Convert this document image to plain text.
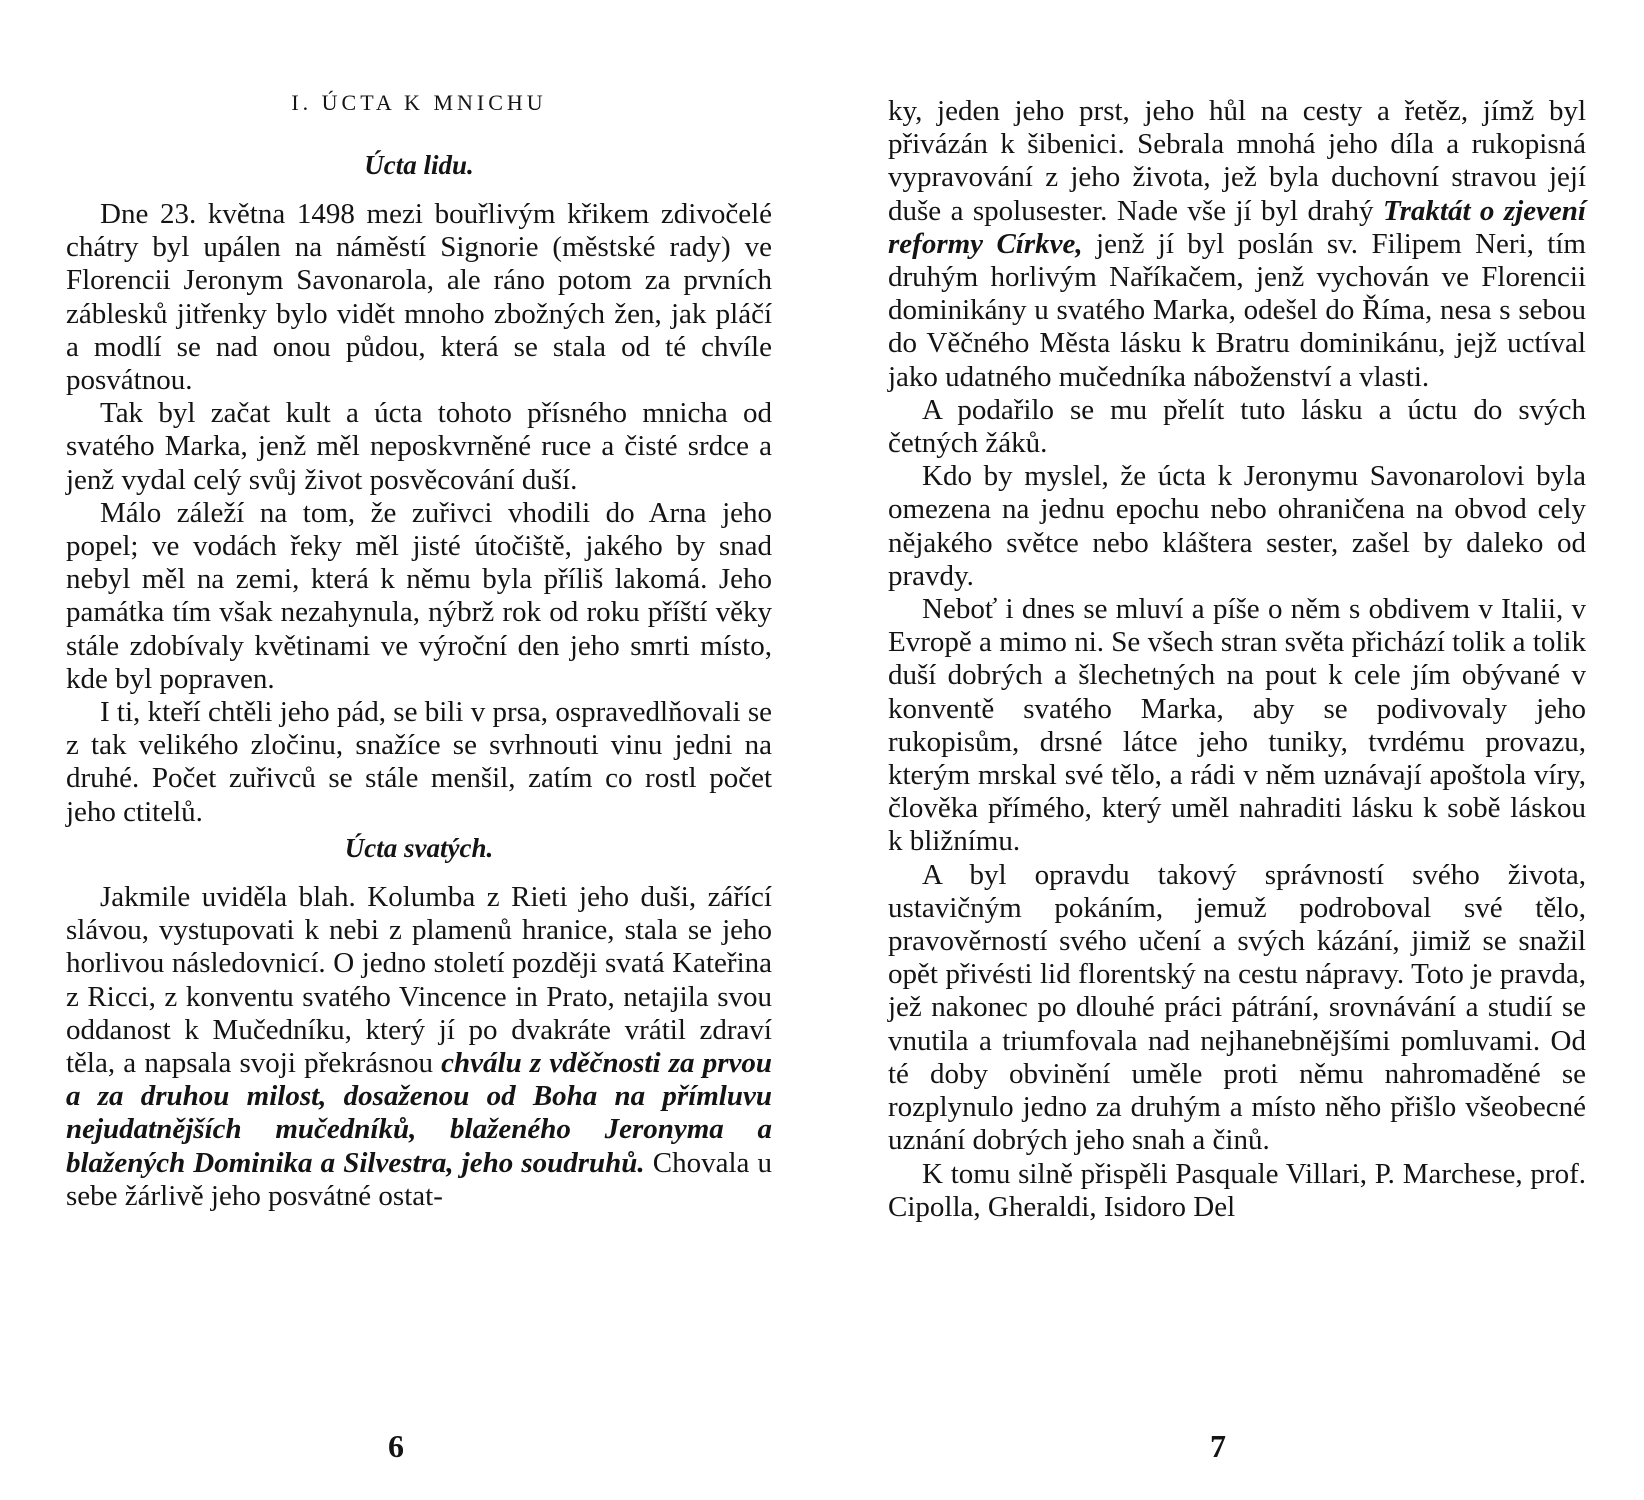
I. ÚCTA K MNICHU
Úcta lidu.

Dne 23. května 1498 mezi bouřlivým křikem zdivočelé chátry byl upálen na náměstí Signorie (městské rady) ve Florencii Jeronym Savonarola, ale ráno potom za prvních záblesků jitřenky bylo vidět mnoho zbožných žen, jak pláčí a modlí se nad onou půdou, která se stala od té chvíle posvátnou.

Tak byl začat kult a úcta tohoto přísného mnicha od svatého Marka, jenž měl neposkvrněné ruce a čisté srdce a jenž vydal celý svůj život posvěcování duší.

Málo záleží na tom, že zuřivci vhodili do Arna jeho popel; ve vodách řeky měl jisté útočiště, jakého by snad nebyl měl na zemi, která k němu byla příliš lakomá. Jeho památka tím však nezahynula, nýbrž rok od roku příští věky stále zdobívaly květinami ve výroční den jeho smrti místo, kde byl popraven.

I ti, kteří chtěli jeho pád, se bili v prsa, ospravedlňovali se z tak velikého zločinu, snažíce se svrhnouti vinu jedni na druhé. Počet zuřivců se stále menšil, zatím co rostl počet jeho ctitelů.

Úcta svatých.

Jakmile uviděla blah. Kolumba z Rieti jeho duši, zářící slávou, vystupovati k nebi z plamenů hranice, stala se jeho horlivou následovnicí. O jedno století později svatá Kateřina z Ricci, z konventu svatého Vincence in Prato, netajila svou oddanost k Mučedníku, který jí po dvakráte vrátil zdraví těla, a napsala svoji překrásnou chválu z vděčnosti za prvou a za druhou milost, dosaženou od Boha na přímluvu nejudatnějších mučedníků, blaženého Jeronyma a blažených Dominika a Silvestra, jeho soudruhů. Chovala u sebe žárlivě jeho posvátné ostat-

6

ky, jeden jeho prst, jeho hůl na cesty a řetěz, jímž byl přivázán k šibenici. Sebrala mnohá jeho díla a rukopisná vypravování z jeho života, jež byla duchovní stravou její duše a spolusester. Nade vše jí byl drahý Traktát o zjevení reformy Církve, jenž jí byl poslán sv. Filipem Neri, tím druhým horlivým Naříkačem, jenž vychován ve Florencii dominikány u svatého Marka, odešel do Říma, nesa s sebou do Věčného Města lásku k Bratru dominikánu, jejž uctíval jako udatného mučedníka náboženství a vlasti.

A podařilo se mu přelít tuto lásku a úctu do svých četných žáků.

Kdo by myslel, že úcta k Jeronymu Savonarolovi byla omezena na jednu epochu nebo ohraničena na obvod cely nějakého světce nebo kláštera sester, zašel by daleko od pravdy.

Neboť i dnes se mluví a píše o něm s obdivem v Italii, v Evropě a mimo ni. Se všech stran světa přichází tolik a tolik duší dobrých a šlechetných na pout k cele jím obývané v konventě svatého Marka, aby se podivovaly jeho rukopisům, drsné látce jeho tuniky, tvrdému provazu, kterým mrskal své tělo, a rádi v něm uznávají apoštola víry, člověka přímého, který uměl nahraditi lásku k sobě láskou k bližnímu.

A byl opravdu takový správností svého života, ustavičným pokáním, jemuž podroboval své tělo, pravověrností svého učení a svých kázání, jimiž se snažil opět přivésti lid florentský na cestu nápravy. Toto je pravda, jež nakonec po dlouhé práci pátrání, srovnávání a studií se vnutila a triumfovala nad nejhanebnějšími pomluvami. Od té doby obvinění uměle proti němu nahromaděné se rozplynulo jedno za druhým a místo něho přišlo všeobecné uznání dobrých jeho snah a činů.

K tomu silně přispěli Pasquale Villari, P. Marchese, prof. Cipolla, Gheraldi, Isidoro Del

7
